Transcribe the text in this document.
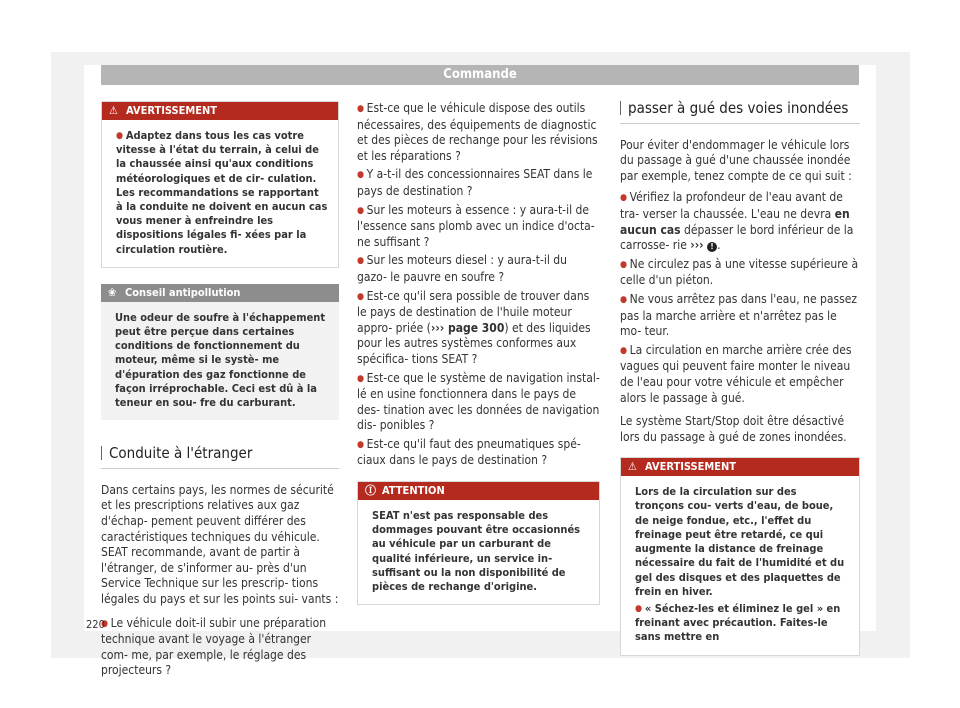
Commande
⚠ AVERTISSEMENT
● Adaptez dans tous les cas votre vitesse à l'état du terrain, à celui de la chaussée ainsi qu'aux conditions météorologiques et de cir- culation. Les recommandations se rapportant à la conduite ne doivent en aucun cas vous mener à enfreindre les dispositions légales fi- xées par la circulation routière.
❀ Conseil antipollution
Une odeur de soufre à l'échappement peut être perçue dans certaines conditions de fonctionnement du moteur, même si le systè- me d'épuration des gaz fonctionne de façon irréprochable. Ceci est dû à la teneur en sou- fre du carburant.
Conduite à l'étranger

Dans certains pays, les normes de sécurité et les prescriptions relatives aux gaz d'échap- pement peuvent différer des caractéristiques techniques du véhicule. SEAT recommande, avant de partir à l'étranger, de s'informer au- près d'un Service Technique sur les prescrip- tions légales du pays et sur les points sui- vants :

● Le véhicule doit-il subir une préparation technique avant le voyage à l'étranger com- me, par exemple, le réglage des projecteurs ?

● Est-ce que le véhicule dispose des outils nécessaires, des équipements de diagnostic et des pièces de rechange pour les révisions et les réparations ?

● Y a-t-il des concessionnaires SEAT dans le pays de destination ?

● Sur les moteurs à essence : y aura-t-il de l'essence sans plomb avec un indice d'octa- ne suffisant ?

● Sur les moteurs diesel : y aura-t-il du gazo- le pauvre en soufre ?

● Est-ce qu'il sera possible de trouver dans le pays de destination de l'huile moteur appro- priée (››› page 300) et des liquides pour les autres systèmes conformes aux spécifica- tions SEAT ?

● Est-ce que le système de navigation instal- lé en usine fonctionnera dans le pays de des- tination avec les données de navigation dis- ponibles ?

● Est-ce qu'il faut des pneumatiques spé- ciaux dans le pays de destination ?

Ⓘ ATTENTION
SEAT n'est pas responsable des dommages pouvant être occasionnés au véhicule par un carburant de qualité inférieure, un service in- suffisant ou la non disponibilité de pièces de rechange d'origine.
passer à gué des voies inondées

Pour éviter d'endommager le véhicule lors du passage à gué d'une chaussée inondée par exemple, tenez compte de ce qui suit :

● Vérifiez la profondeur de l'eau avant de tra- verser la chaussée. L'eau ne devra en aucun cas dépasser le bord inférieur de la carrosse- rie ››› ! .

● Ne circulez pas à une vitesse supérieure à celle d'un piéton.

● Ne vous arrêtez pas dans l'eau, ne passez pas la marche arrière et n'arrêtez pas le mo- teur.

● La circulation en marche arrière crée des vagues qui peuvent faire monter le niveau de l'eau pour votre véhicule et empêcher alors le passage à gué.

Le système Start/Stop doit être désactivé lors du passage à gué de zones inondées.

⚠ AVERTISSEMENT

Lors de la circulation sur des tronçons cou- verts d'eau, de boue, de neige fondue, etc., l'effet du freinage peut être retardé, ce qui augmente la distance de freinage nécessaire du fait de l'humidité et du gel des disques et des plaquettes de frein en hiver.

● « Séchez-les et éliminez le gel » en freinant avec précaution. Faites-le sans mettre en

220
